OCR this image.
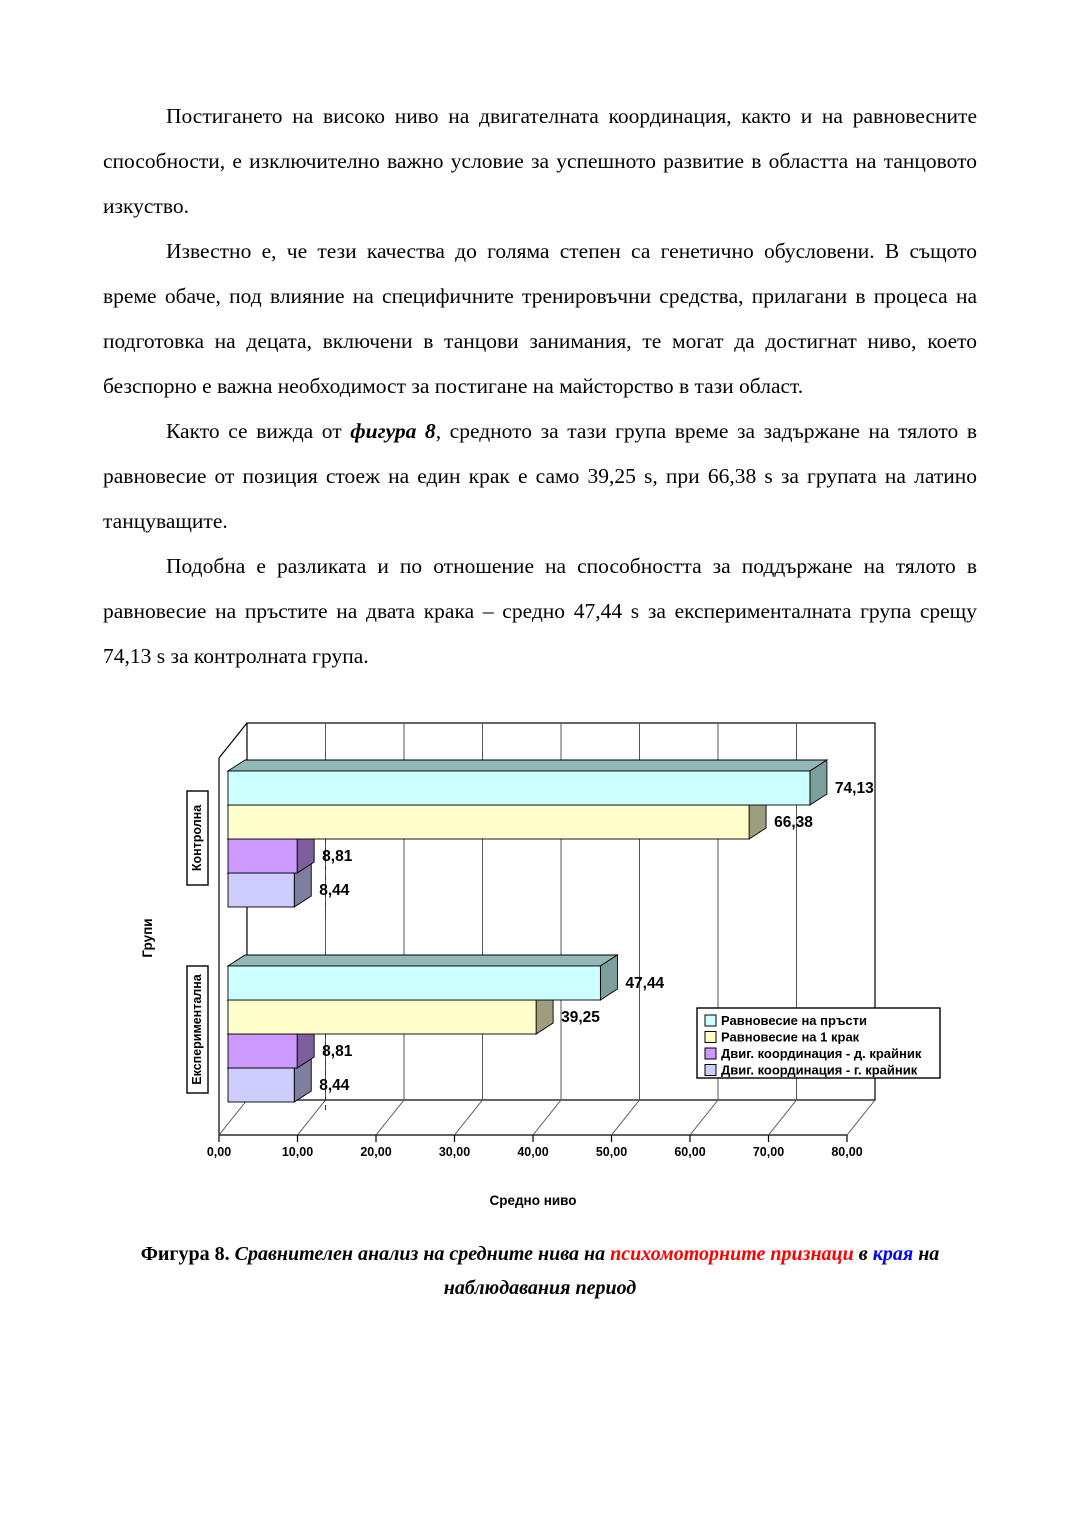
Постигането на високо ниво на двигателната координация, както и на равновесните способности, е изключително важно условие за успешното развитие в областта на танцовото изкуство.

Известно е, че тези качества до голяма степен са генетично обусловени. В същото време обаче, под влияние на специфичните тренировъчни средства, прилагани в процеса на подготовка на децата, включени в танцови занимания, те могат да достигнат ниво, което безспорно е важна необходимост за постигане на майсторство в тази област.

Както се вижда от фигура 8, средното за тази група време за задържане на тялото в равновесие от позиция стоеж на един крак е само 39,25 s, при 66,38 s за групата на латино танцуващите.

Подобна е разликата и по отношение на способността за поддържане на тялото в равновесие на пръстите на двата крака – средно 47,44 s за експерименталната група срещу 74,13 s за контролната група.

74,13
66,38
8,81
8,44
47,44
39,25
8,81
8,44
Контролна
Експериментална
Групи
Средно ниво
0,00	10,00	20,00	30,00	40,00	50,00	60,00	70,00	80,00
Равновесие на пръсти
Равновесие на 1 крак
Двиг. координация - д. крайник
Двиг. координация - г. крайник
Фигура 8. Сравнителен анализ на средните нива на психомоторните признаци в края на
наблюдавания период
